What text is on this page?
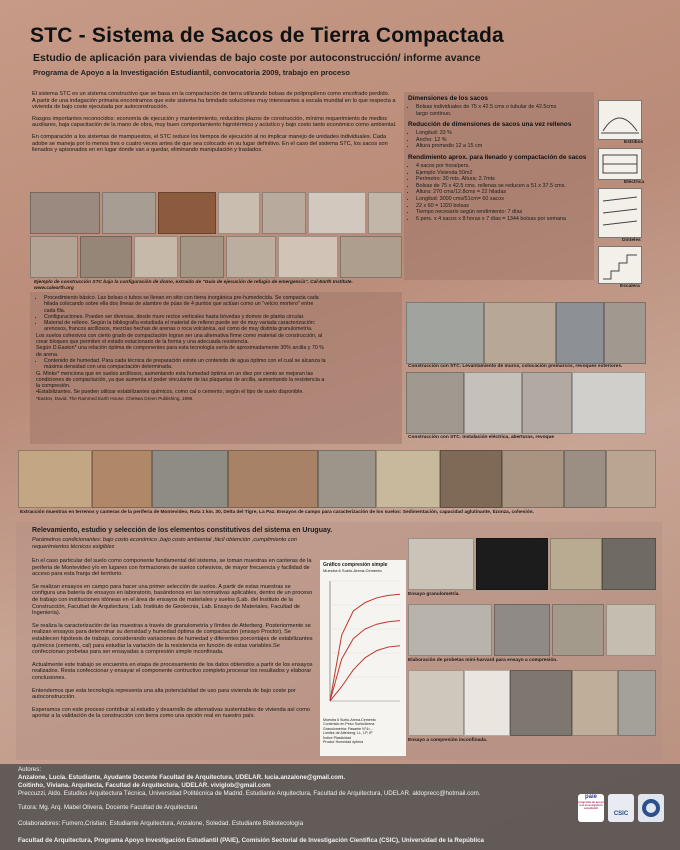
STC - Sistema de Sacos de Tierra Compactada
Estudio de aplicación para viviendas de bajo coste por autoconstrucción/ informe avance
Programa de Apoyo a la Investigación Estudiantil, convocatoria 2009, trabajo en proceso
El sistema STC es un sistema constructivo que se basa en la compactación de tierra utilizando bolsas de polipropileno como encofrado perdido.
A partir de una indagación primaria encontramos que este sistema ha brindado soluciones muy interesantes a escala mundial en lo que respecta a vivienda de bajo coste ejecutada por autoconstrucción.
Rasgos importantes reconocidos: economía de ejecución y mantenimiento, reducidos plazos de construcción, mínimo requerimiento de medios auxiliares, baja capacitación de la mano de obra, muy buen comportamiento higrotérmico y acústico y bajo costo tanto económico como ambiental.
En comparación a los sistemas de mampuestos, el STC reduce los tiempos de ejecución al no implicar manejo de unidades individuales. Cada adobe se maneja por lo menos tres o cuatro veces antes de que sea colocado en su lugar definitivo. En el caso del sistema STC, los sacos son llenados y apisonados en en lugar donde van a quedar, eliminando manipulación y traslados.
Ejemplo de construcción STC bajo la configuración de domo, extraído de "Guía de ejecución de refugio de emergencia", Cal-Earth Institute. www.calearth.org
• Procedimiento básico. Las bolsas o tubos se llenan en sitio con tierra inorgánica pre-humedecida. Se compacta cada hilada colocando sobre ella dos líneas de alambre de púas de 4 puntos que actúan como un "velcro mortero" entre cada fila.
• Configuraciones. Pueden ser diversas, desde muro rectos verticales hasta bóvedas y domos de planta circular.
• Material de relleno. Según la bibliografía estudiada el material de relleno puede ser de muy variada caracterización: arenosos, francos arcillosos, mezclas hechas de arenas o roca volcánica, así como de muy distinta granulometría.
Los suelos cohesivos con cierto grado de compactación logran ser una alternativa firme como material de construcción, al crear bloques que permiten el estado estacionario de la forma y una adecuada resistencia.
Según D.Easton* una relación óptima de componentes para esta tecnología sería de aproximadamente 30% arcilla y 70 % de arena.
• Contenido de humedad. Para cada técnica de preparación existe un contenido de agua óptimo con el cual se alcanza la máxima densidad con una compactación determinada.
G. Minke* menciona que en suelos arcillosos, aumentando esta humedad óptima en un diez por ciento se mejoran las condiciones de compactación, ya que aumenta el poder vinculante de las plaquetas de arcilla, aumentando la resistencia a la compresión.
•Estabilizantes. Se pueden utilizar estabilizantes químicos, como cal o cemento, según el tipo de suelo disponible.
*Easton, David. The Rammed Earth House. Chelsea Green Publishing, 1996.
Dimensiones de los sacos
• Bolsas individuales de 75 x 42.5 cms o tubular de 42.5cms
largo continuo.
Reducción de dimensiones de sacos una vez rellenos
• Longitud: 33 %
• Ancho: 12 %
• Altura promedio 12 a 15 cm
Rendimiento aprox. para llenado y compactación de sacos
• 4 sacos por hora/pers.
• Ejemplo Vivienda 50m2
• Perímetro: 30 mts. Altura: 2.7mts
• Bolsas de 75 x 42.5 cms. rellenas se reducen a 51 x 37.5 cms.
• Altura: 270 cms/12.8cms = 22 hiladas
• Longitud: 3000 cms/51cm= 60 sacos
• 22 x 60 = 1320 bolsas
• Tiempo necesario según rendimiento: 7 días
• 6 pers. x 4 sacos x 8 horas x 7 días = 1344 bolsas por semana
Estribos
Eléctrica
Dinteles
Escalera
Construcción con STC. Levantamiento de muros, colocación premarcos, revoques exteriores.
Construcción con STC. Instalación eléctrica, aberturas, revoque
Extracción muestras en terrenos y canteras de la periferia de Montevideo, Ruta 1 km. 30, Delta del Tigre, La Paz. Ensayos de campo para caracterización de los suelos: Sedimentación, capacidad aglutinante, tizonza, cohesión.
Relevamiento, estudio y selección de los elementos constitutivos del sistema en Uruguay.
Parámetros condicionantes: bajo costo económico ,bajo costo ambiental ,fácil obtención ,cumplimiento con requerimientos técnicos exigibles
En el caso particular del suelo como componente fundamental del sistema, se toman muestras en canteras de la periferia de Montevideo y/o en lugares con formaciones de suelos cohesivos, de mayor frecuencia y facilidad de acceso para esta franja del territorio.
Se realizan ensayos en campo para hacer una primer selección de suelos. A partir de estas muestras se configura una batería de ensayos en laboratorio, basándonos en las normativas aplicables, dentro de un proceso de trabajo con instituciones idóneas en el área de ensayos de materiales y suelos (Lab. del Instituto de la Construcción, Facultad de Arquitectura; Lab. Instituto de Geotecnia, Lab. Ensayo de Materiales, Facultad de Ingeniería).
Se realiza la caracterización de las muestras a través de granulometría y límites de Atterberg. Posteriormente se realizan ensayos para determinar su densidad y humedad óptima de compactación (ensayo Proctor). Se establecen hipótesis de trabajo, considerando variaciones de humedad y diferentes porcentajes de estabilizantes químicos (cemento, cal) para estudiar la variación de la resistencia en función de estas variables.Se confeccionan probetas para ser ensayadas a compresión simple inconfinada.
Actualmente este trabajo se encuentra en etapa de procesamiento de los datos obtenidos a partir de los ensayos realizados. Resta confeccionar y ensayar el componente contructivo completo,procesar los resultados y elaborar conclusiones.
Entendemos que esta tecnología representa una alta potencialidad de uso para vivienda de bajo coste por autoconstrucción.
Esperamos con este proceso contribuir al estudio y desarrollo de alternativas sustentables de vivienda así como aportar a la validación de la construcción con tierra como una opción real en nuestro país.
Gráfico compresión simple
Muestra 6 Suelo-Arena-Cemento
Muestra 6 Suelo-Arena-Cemento
Contenido en Peso Suelo/Arena
Granulometría: Pasante N°4=...
Límites de Atterberg: LL, LP, IP
Índice Plasticidad
Proctor Humedad óptima
Ensayo granulometría.
Elaboración de probetas mini-harvard para ensayo a compresión.
Ensayo a compresión inconfinada.
Autores:
Anzalone, Lucía. Estudiante, Ayudante Docente Facultad de Arquitectura, UDELAR. lucia.anzalone@gmail.com.
Coitinho, Viviana. Arquitecta, Facultad de Arquitectura, UDELAR. viviglob@gmail.com
Preccuzzi, Aldo. Estudios Arquitectura Técnica, Universidad Politécnica de Madrid. Estudiante Arquitectura, Facultad de Arquitectura, UDELAR. aldoprecc@hotmail.com.
Tutora: Mg. Arq. Mabel Olivera, Docente Facultad de Arquitectura
Colaboradores: Fumero,Cristian. Estudiante Arquitectura, Anzalone, Soledad. Estudiante Bibliotecología
Facultad de Arquitectura, Programa Apoyo Investigación Estudiantil (PAIE), Comisión Sectorial de Investigación Científica (CSIC), Universidad de la República
paie
programa de apoyo a la investigación estudiantil
CSIC
